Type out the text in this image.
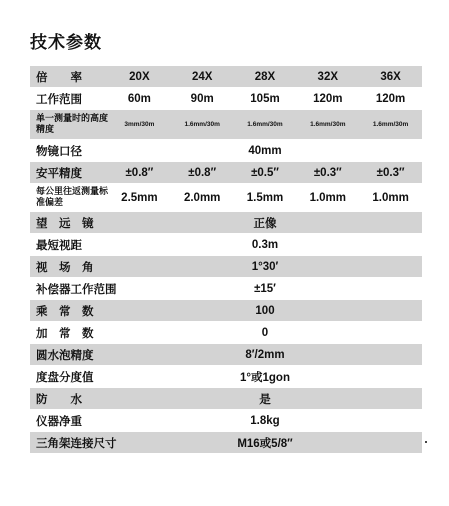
技术参数
倍　　率	20X	24X	28X	32X	36X
工作范围	60m	90m	105m	120m	120m
单一测量时的高度精度	3mm/30m	1.6mm/30m	1.6mm/30m	1.6mm/30m	1.6mm/30m
物镜口径	40mm
安平精度	±0.8″	±0.8″	±0.5″	±0.3″	±0.3″
每公里往返测量标准偏差	2.5mm	2.0mm	1.5mm	1.0mm	1.0mm
望　远　镜	正像
最短视距	0.3m
视　场　角	1°30′
补偿器工作范围	±15′
乘　常　数	100
加　常　数	0
圆水泡精度	8′/2mm
度盘分度值	1°或1gon
防　　水	是
仪器净重	1.8kg
三角架连接尺寸	M16或5/8″
